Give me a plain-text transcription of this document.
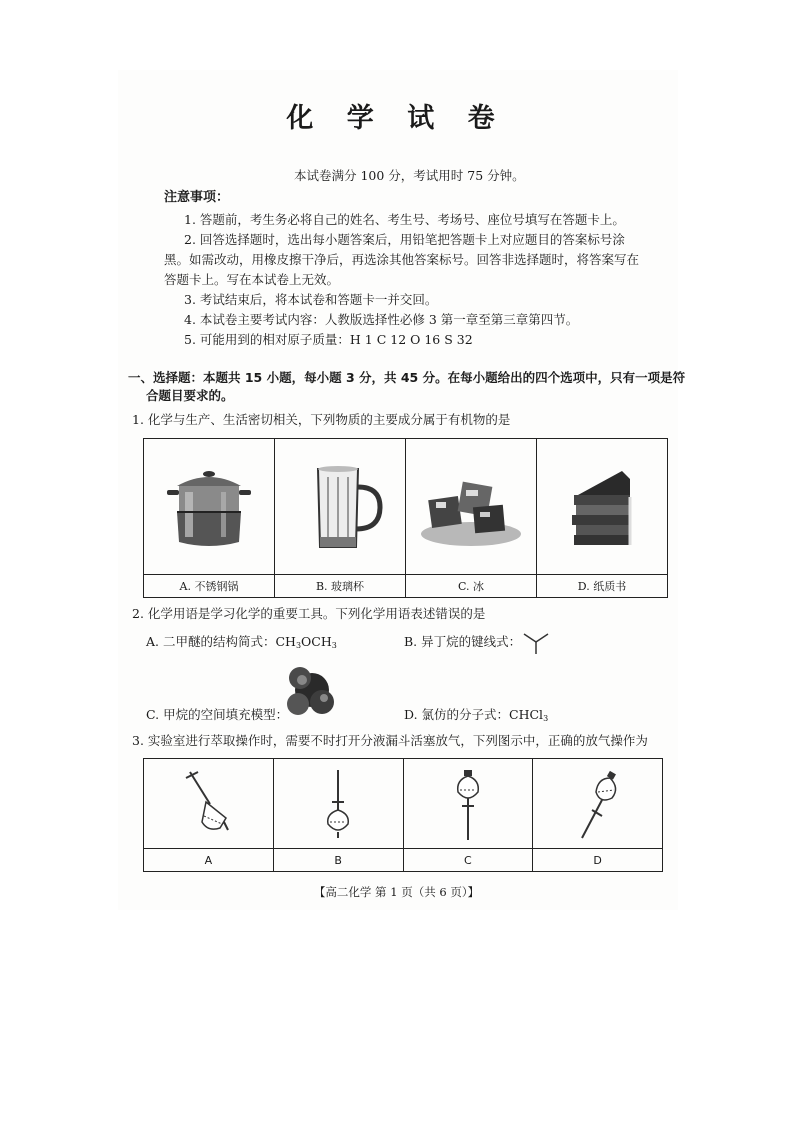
化 学 试 卷
本试卷满分 100 分，考试用时 75 分钟。
注意事项：
1. 答题前，考生务必将自己的姓名、考生号、考场号、座位号填写在答题卡上。
2. 回答选择题时，选出每小题答案后，用铅笔把答题卡上对应题目的答案标号涂
黑。如需改动，用橡皮擦干净后，再选涂其他答案标号。回答非选择题时，将答案写在
答题卡上。写在本试卷上无效。
3. 考试结束后，将本试卷和答题卡一并交回。
4. 本试卷主要考试内容：人教版选择性必修 3 第一章至第三章第四节。
5. 可能用到的相对原子质量：H 1 C 12 O 16 S 32
一、选择题：本题共 15 小题，每小题 3 分，共 45 分。在每小题给出的四个选项中，只有一项是符
合题目要求的。
1. 化学与生产、生活密切相关，下列物质的主要成分属于有机物的是

A. 不锈钢锅	B. 玻璃杯	C. 冰	D. 纸质书
2. 化学用语是学习化学的重要工具。下列化学用语表述错误的是
A. 二甲醚的结构简式：$CH_3OCH_3$	B. 异丁烷的键线式：
C. 甲烷的空间填充模型：	D. 氯仿的分子式：CHCl$_3$
3. 实验室进行萃取操作时，需要不时打开分液漏斗活塞放气，下列图示中，正确的放气操作为

A	B	C	D
【高二化学 第 1 页（共 6 页）】
